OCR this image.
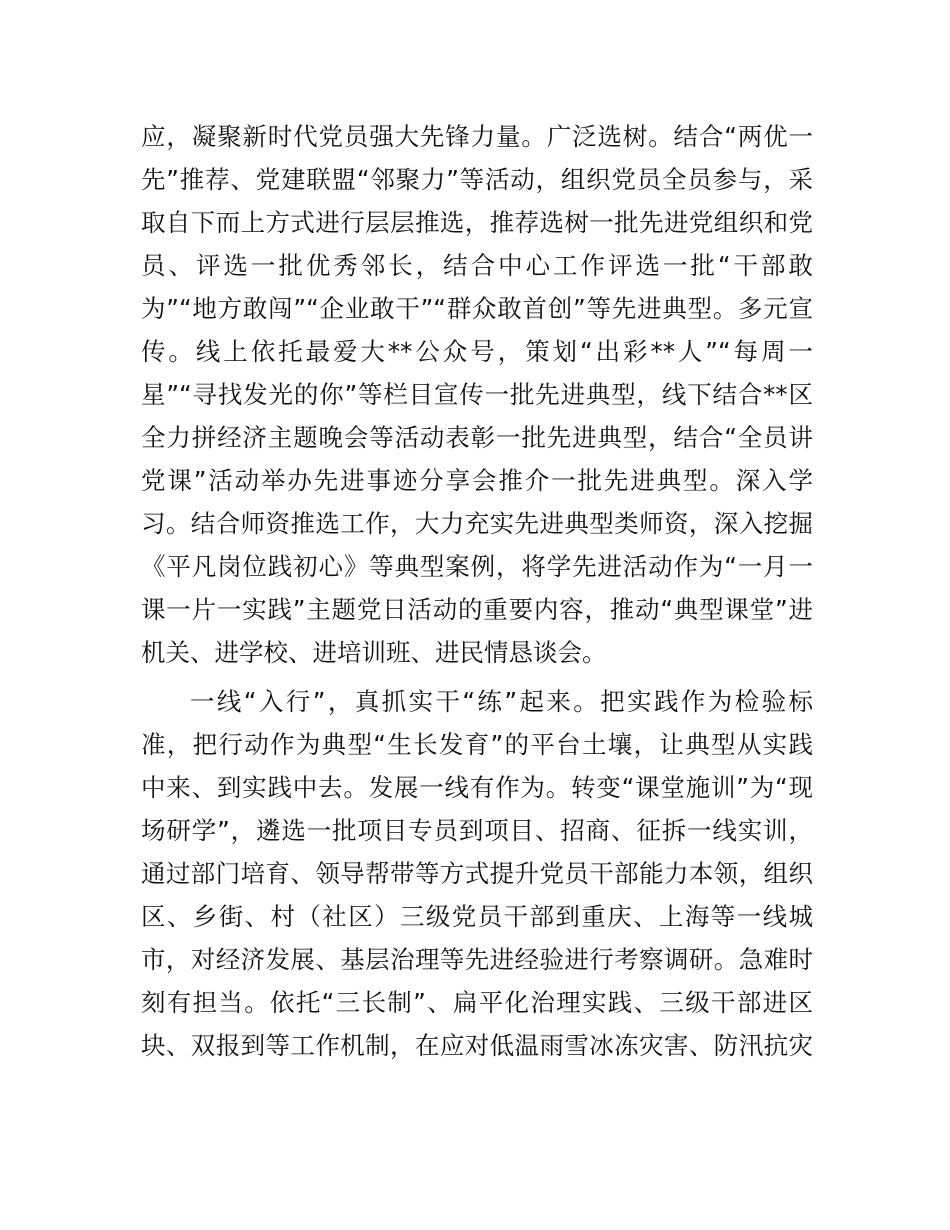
应，凝聚新时代党员强大先锋力量。广泛选树。结合“两优一
先”推荐、党建联盟“邻聚力”等活动，组织党员全员参与，采
取自下而上方式进行层层推选，推荐选树一批先进党组织和党
员、评选一批优秀邻长，结合中心工作评选一批“干部敢
为”“地方敢闯”“企业敢干”“群众敢首创”等先进典型。多元宣
传。线上依托最爱大**公众号，策划“出彩**人”“每周一
星”“寻找发光的你”等栏目宣传一批先进典型，线下结合**区
全力拼经济主题晚会等活动表彰一批先进典型，结合“全员讲
党课”活动举办先进事迹分享会推介一批先进典型。深入学
习。结合师资推选工作，大力充实先进典型类师资，深入挖掘
《平凡岗位践初心》等典型案例，将学先进活动作为“一月一
课一片一实践”主题党日活动的重要内容，推动“典型课堂”进
机关、进学校、进培训班、进民情恳谈会。
一线“入行”，真抓实干“练”起来。把实践作为检验标
准，把行动作为典型“生长发育”的平台土壤，让典型从实践
中来、到实践中去。发展一线有作为。转变“课堂施训”为“现
场研学”，遴选一批项目专员到项目、招商、征拆一线实训，
通过部门培育、领导帮带等方式提升党员干部能力本领，组织
区、乡街、村（社区）三级党员干部到重庆、上海等一线城
市，对经济发展、基层治理等先进经验进行考察调研。急难时
刻有担当。依托“三长制”、扁平化治理实践、三级干部进区
块、双报到等工作机制，在应对低温雨雪冰冻灾害、防汛抗灾
